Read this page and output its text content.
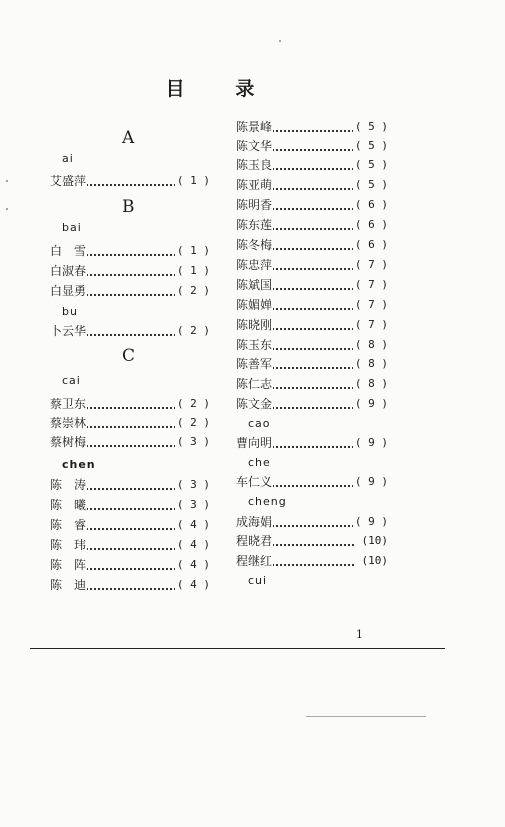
目	录
A
ai
艾盛萍	( 1 )
B
bai
白　雪	( 1 )
白淑春	( 1 )
白显勇	( 2 )
bu
卜云华	( 2 )
C
cai
蔡卫东	( 2 )
蔡崇林	( 2 )
蔡树梅	( 3 )
chen
陈　涛	( 3 )
陈　曦	( 3 )
陈　睿	( 4 )
陈　玮	( 4 )
陈　阵	( 4 )
陈　迪	( 4 )
陈景峰	( 5 )
陈文华	( 5 )
陈玉良	( 5 )
陈亚萌	( 5 )
陈明香	( 6 )
陈东莲	( 6 )
陈冬梅	( 6 )
陈忠萍	( 7 )
陈斌国	( 7 )
陈媚婵	( 7 )
陈晓刚	( 7 )
陈玉东	( 8 )
陈善军	( 8 )
陈仁志	( 8 )
陈文金	( 9 )
cao
曹向明	( 9 )
che
车仁义	( 9 )
cheng
成海娟	( 9 )
程晓君	(10)
程继红	(10)
cui
1
